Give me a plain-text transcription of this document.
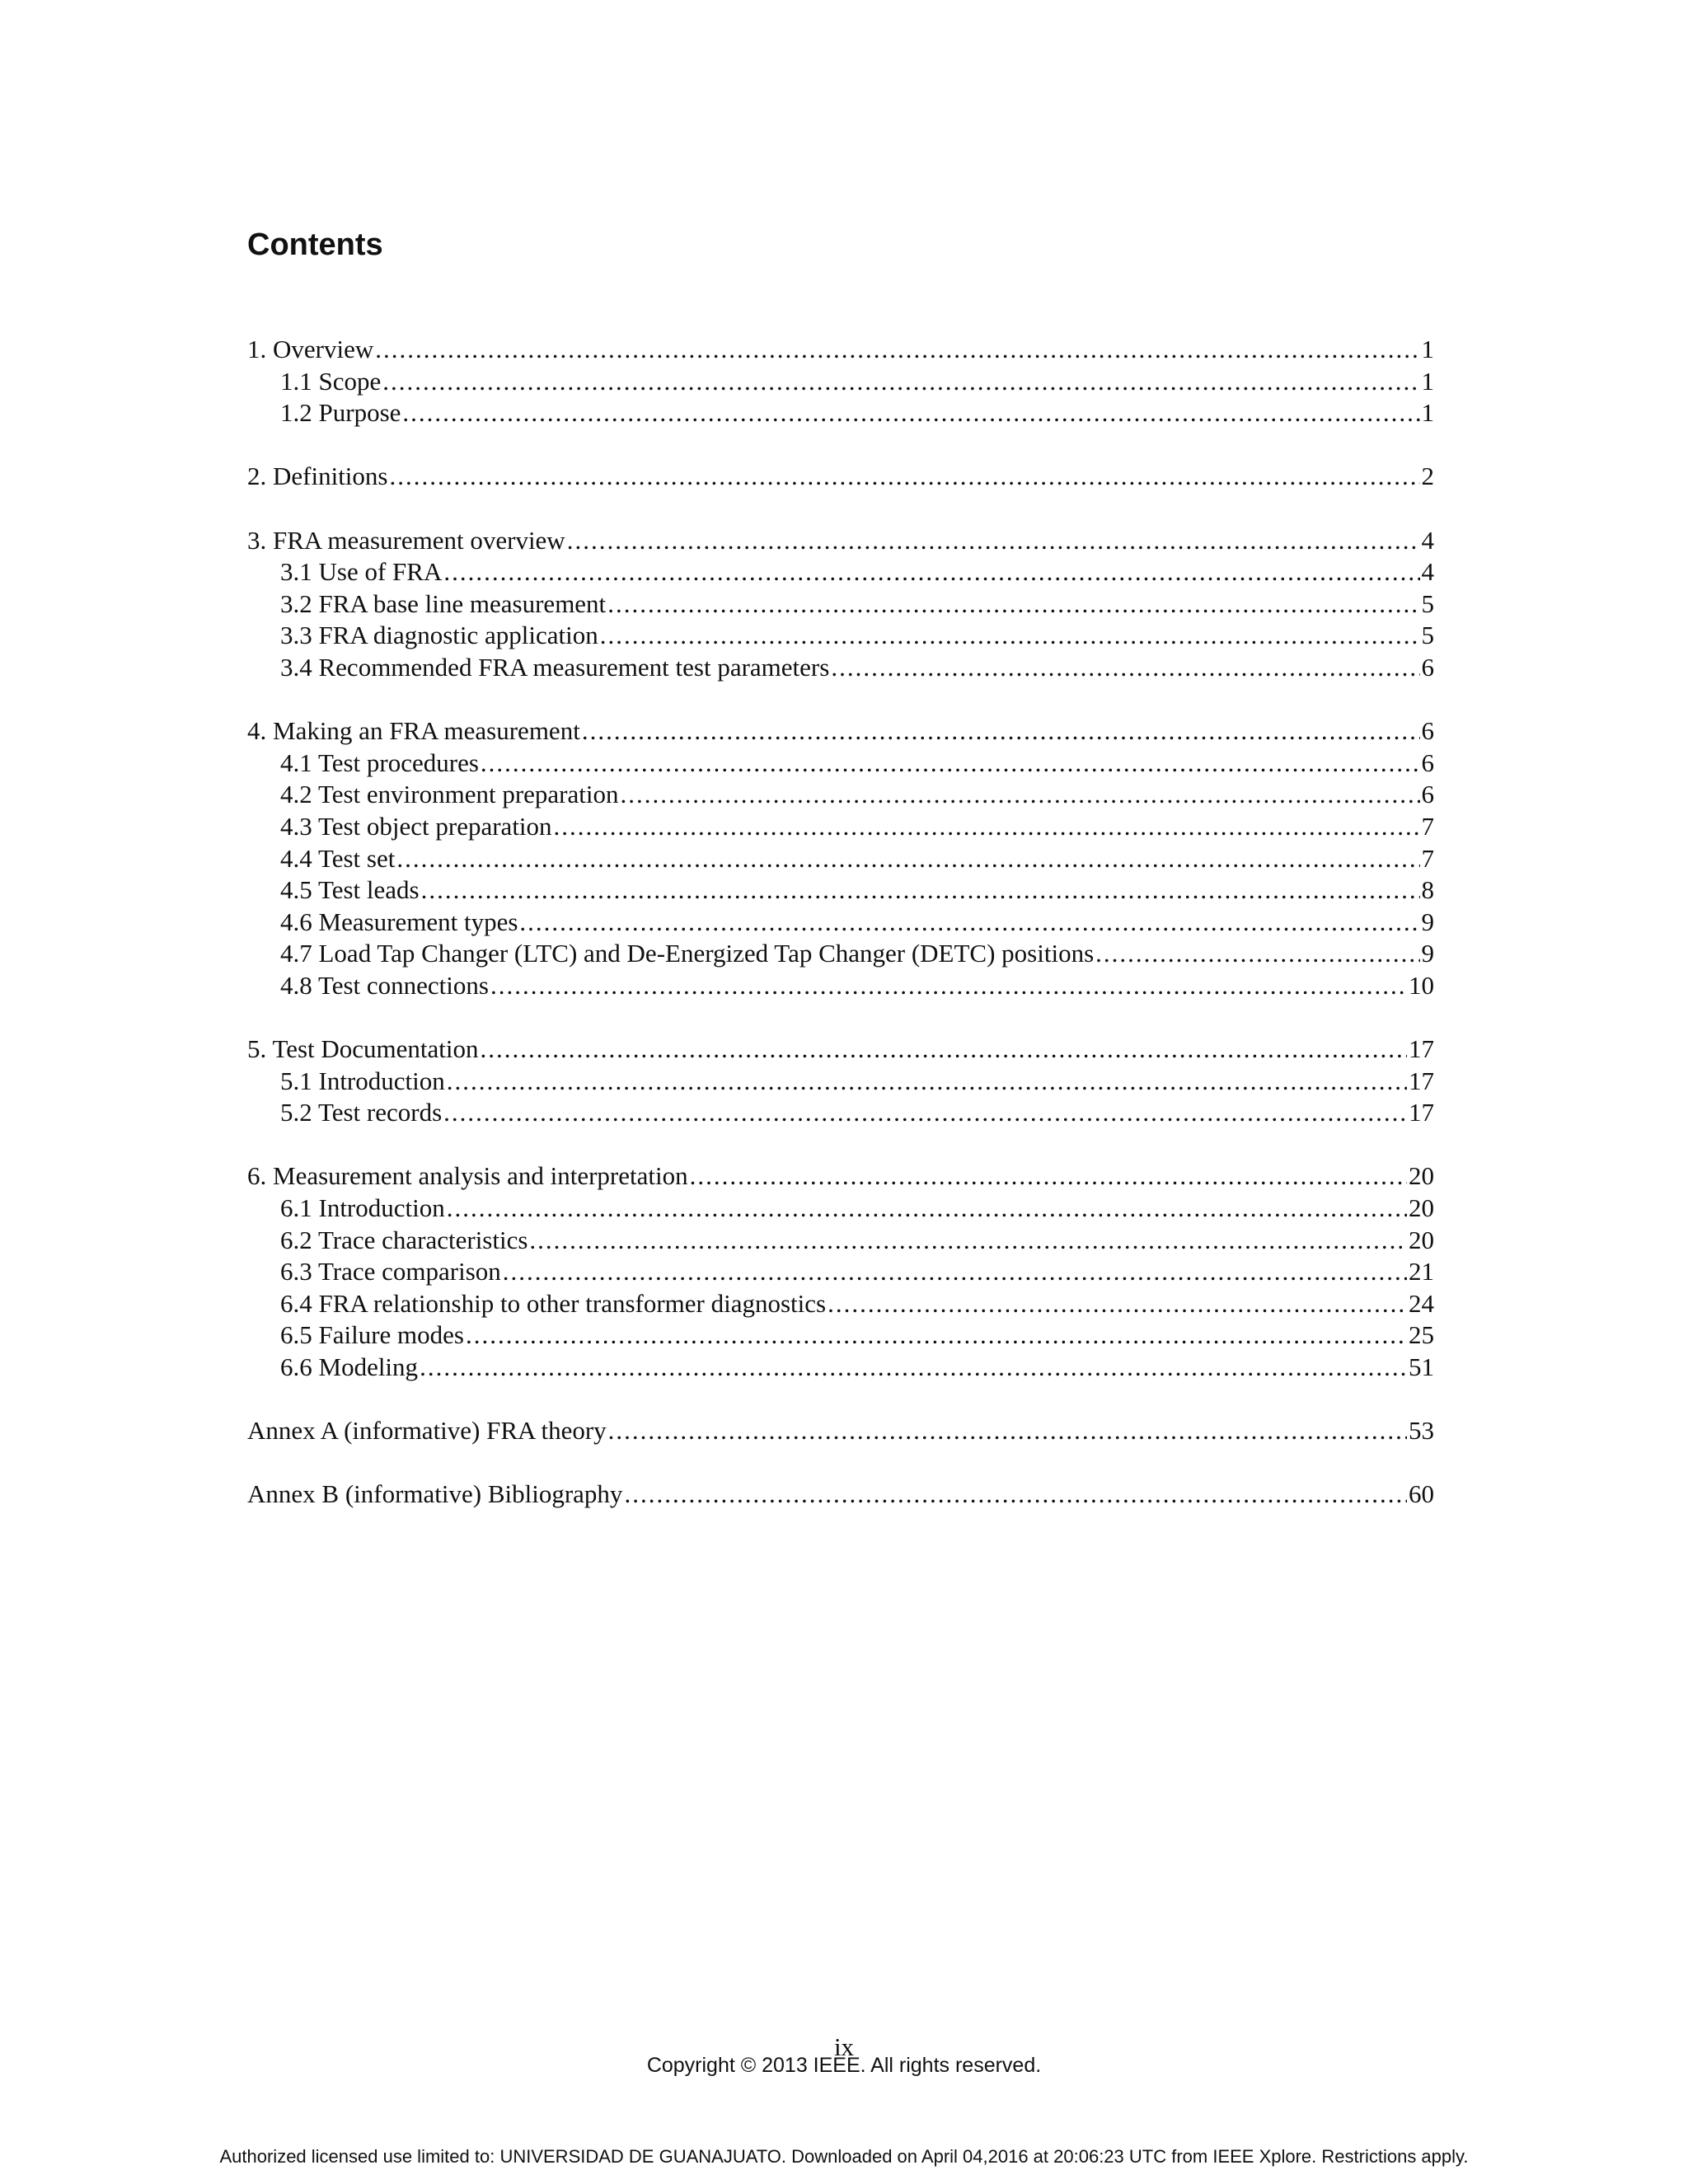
Contents
1. Overview .....	1
1.1 Scope .....	1
1.2 Purpose .....	1
2. Definitions .....	2
3. FRA measurement overview .....	4
3.1 Use of FRA .....	4
3.2 FRA base line measurement .....	5
3.3 FRA diagnostic application .....	5
3.4 Recommended FRA measurement test parameters .....	6
4. Making an FRA measurement .....	6
4.1 Test procedures .....	6
4.2 Test environment preparation .....	6
4.3 Test object preparation .....	7
4.4 Test set .....	7
4.5 Test leads .....	8
4.6 Measurement types .....	9
4.7 Load Tap Changer (LTC) and De-Energized Tap Changer (DETC) positions .....	9
4.8 Test connections .....	10
5. Test Documentation .....	17
5.1 Introduction .....	17
5.2 Test records .....	17
6. Measurement analysis and interpretation .....	20
6.1 Introduction .....	20
6.2 Trace characteristics .....	20
6.3 Trace comparison .....	21
6.4 FRA relationship to other transformer diagnostics .....	24
6.5 Failure modes .....	25
6.6 Modeling .....	51
Annex A (informative) FRA theory .....	53
Annex B (informative) Bibliography .....	60
ix
Copyright © 2013 IEEE. All rights reserved.
Authorized licensed use limited to: UNIVERSIDAD DE GUANAJUATO. Downloaded on April 04,2016 at 20:06:23 UTC from IEEE Xplore. Restrictions apply.
